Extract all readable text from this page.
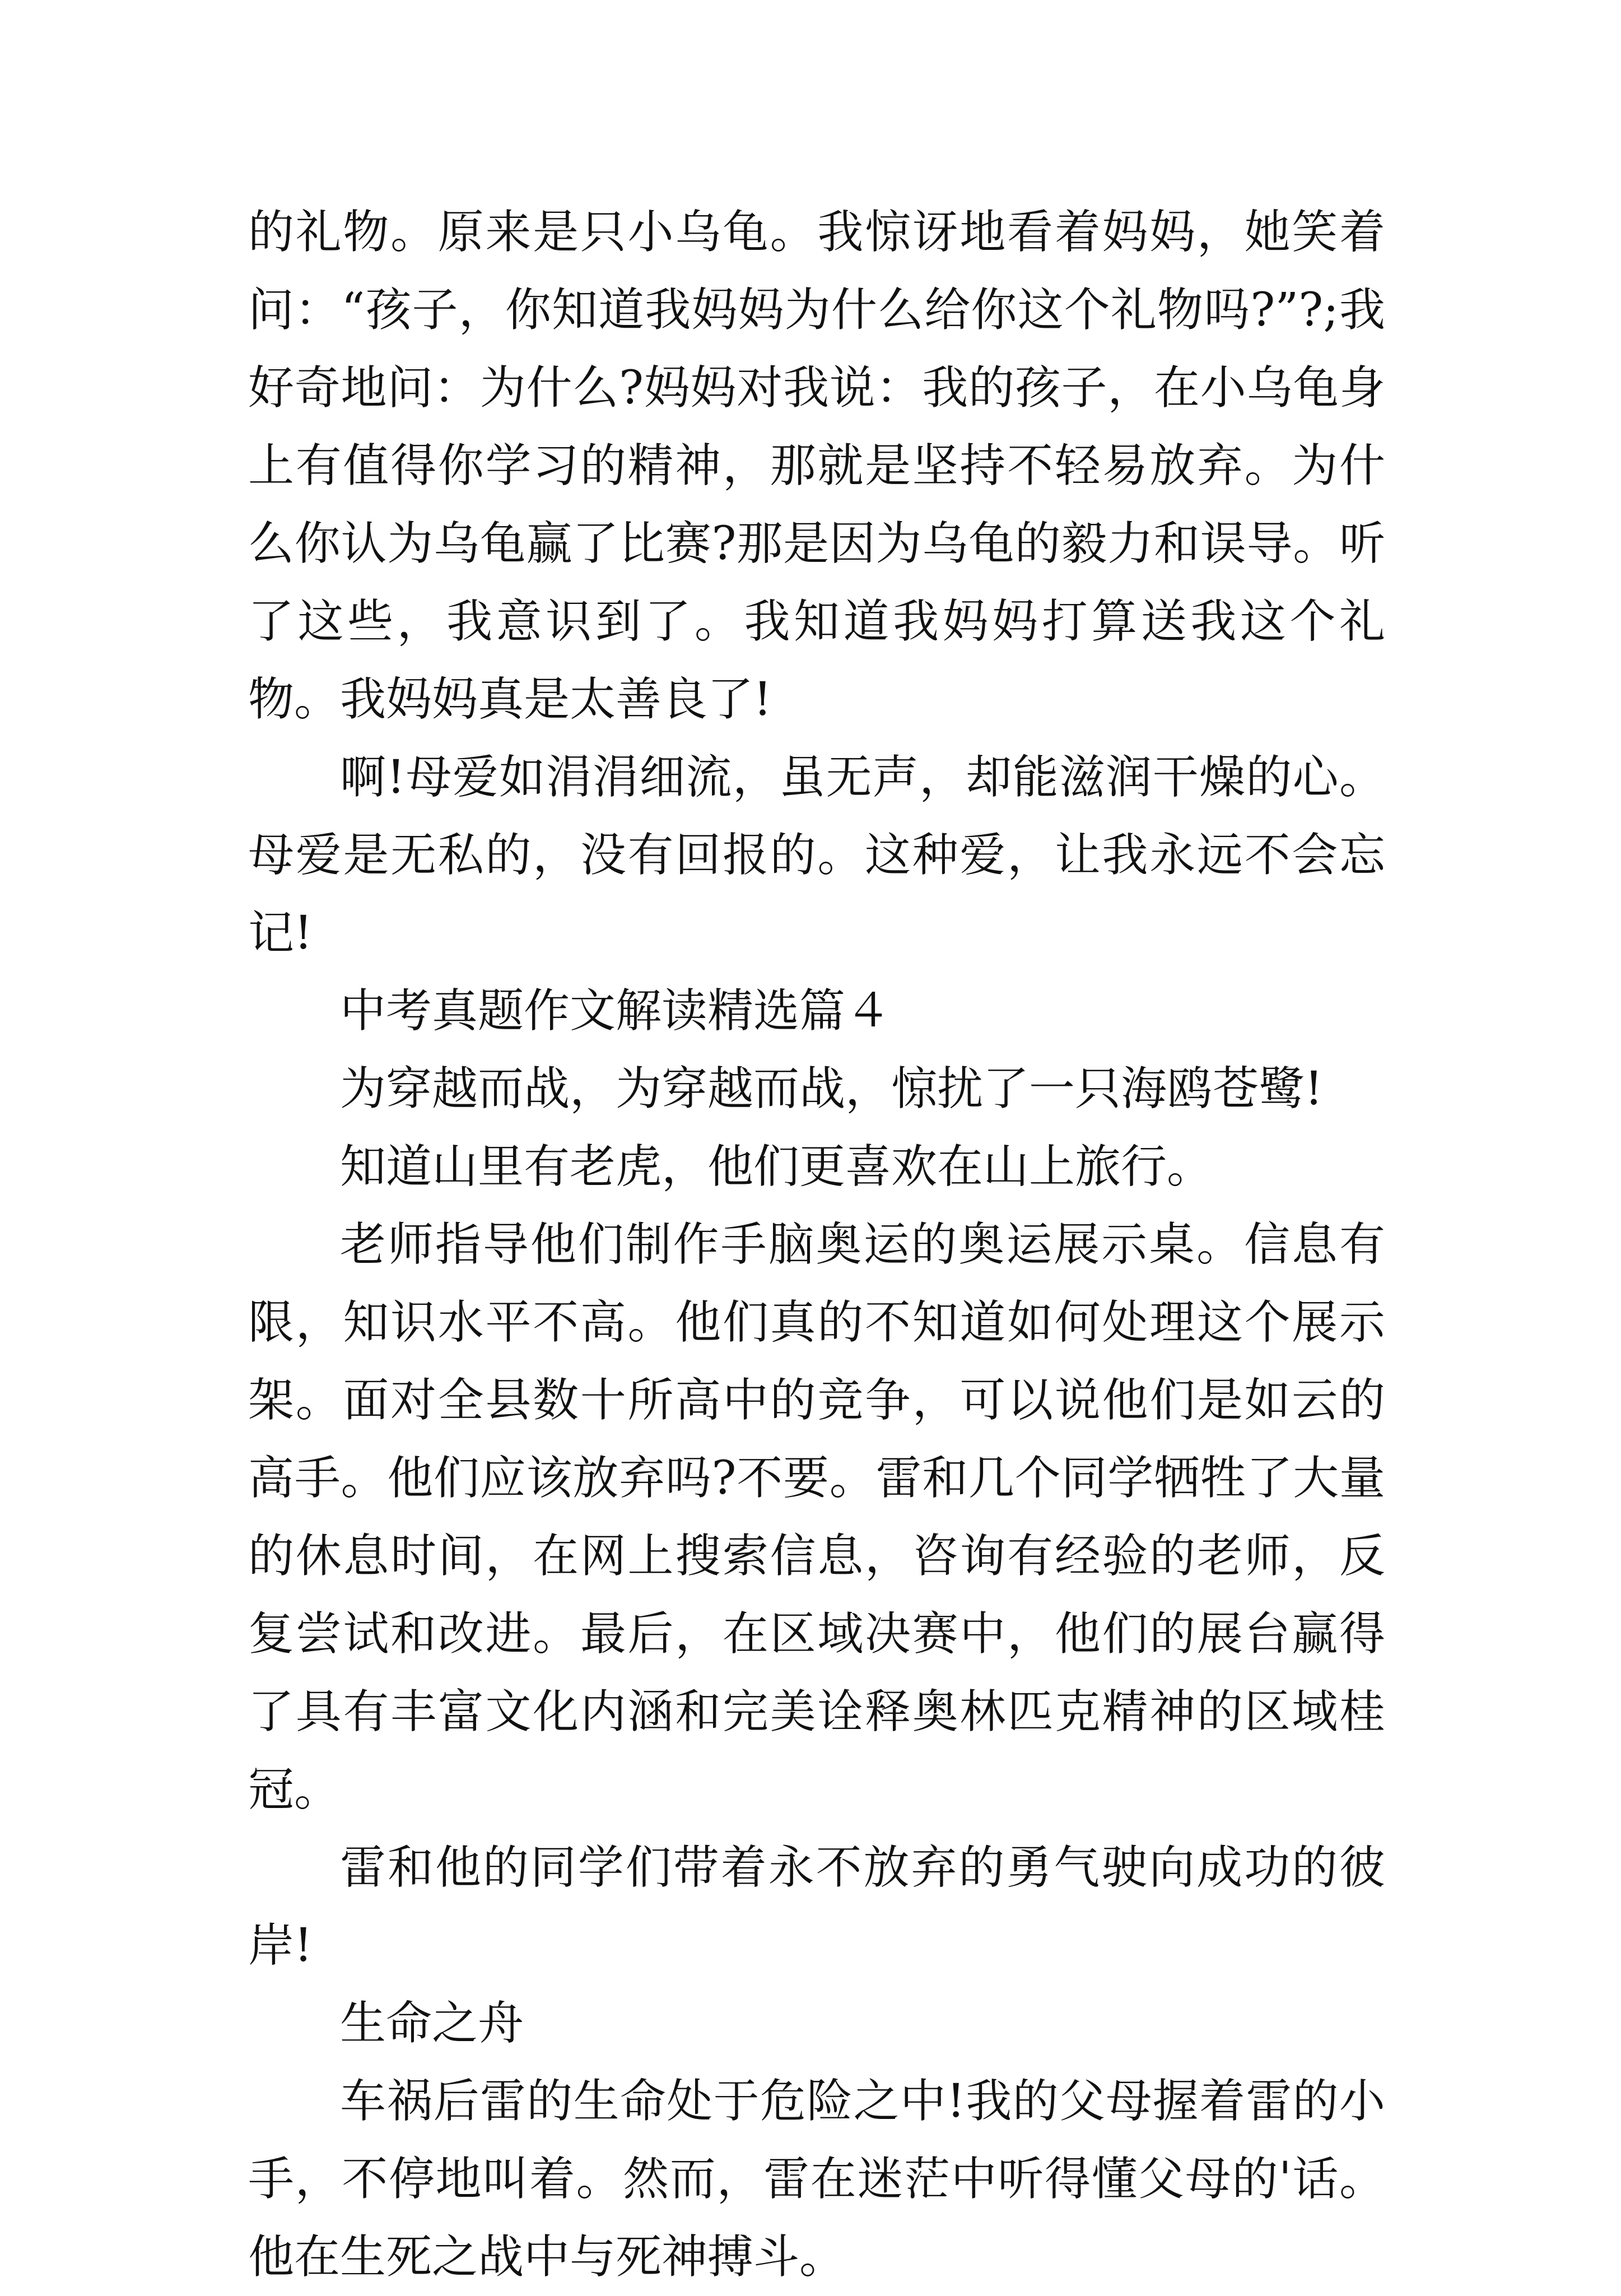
的礼物。原来是只小乌龟。我惊讶地看着妈妈，她笑着问：“孩子，你知道我妈妈为什么给你这个礼物吗?”?;我好奇地问：为什么?妈妈对我说：我的孩子，在小乌龟身上有值得你学习的精神，那就是坚持不轻易放弃。为什么你认为乌龟赢了比赛?那是因为乌龟的毅力和误导。听了这些，我意识到了。我知道我妈妈打算送我这个礼物。我妈妈真是太善良了!

啊!母爱如涓涓细流，虽无声，却能滋润干燥的心。母爱是无私的，没有回报的。这种爱，让我永远不会忘记!

中考真题作文解读精选篇４

为穿越而战，为穿越而战，惊扰了一只海鸥苍鹭!

知道山里有老虎，他们更喜欢在山上旅行。

老师指导他们制作手脑奥运的奥运展示桌。信息有限，知识水平不高。他们真的不知道如何处理这个展示架。面对全县数十所高中的竞争，可以说他们是如云的高手。他们应该放弃吗?不要。雷和几个同学牺牲了大量的休息时间，在网上搜索信息，咨询有经验的老师，反复尝试和改进。最后，在区域决赛中，他们的展台赢得了具有丰富文化内涵和完美诠释奥林匹克精神的区域桂冠。

雷和他的同学们带着永不放弃的勇气驶向成功的彼岸!

生命之舟

车祸后雷的生命处于危险之中!我的父母握着雷的小手，不停地叫着。然而，雷在迷茫中听得懂父母的'话。他在生死之战中与死神搏斗。
